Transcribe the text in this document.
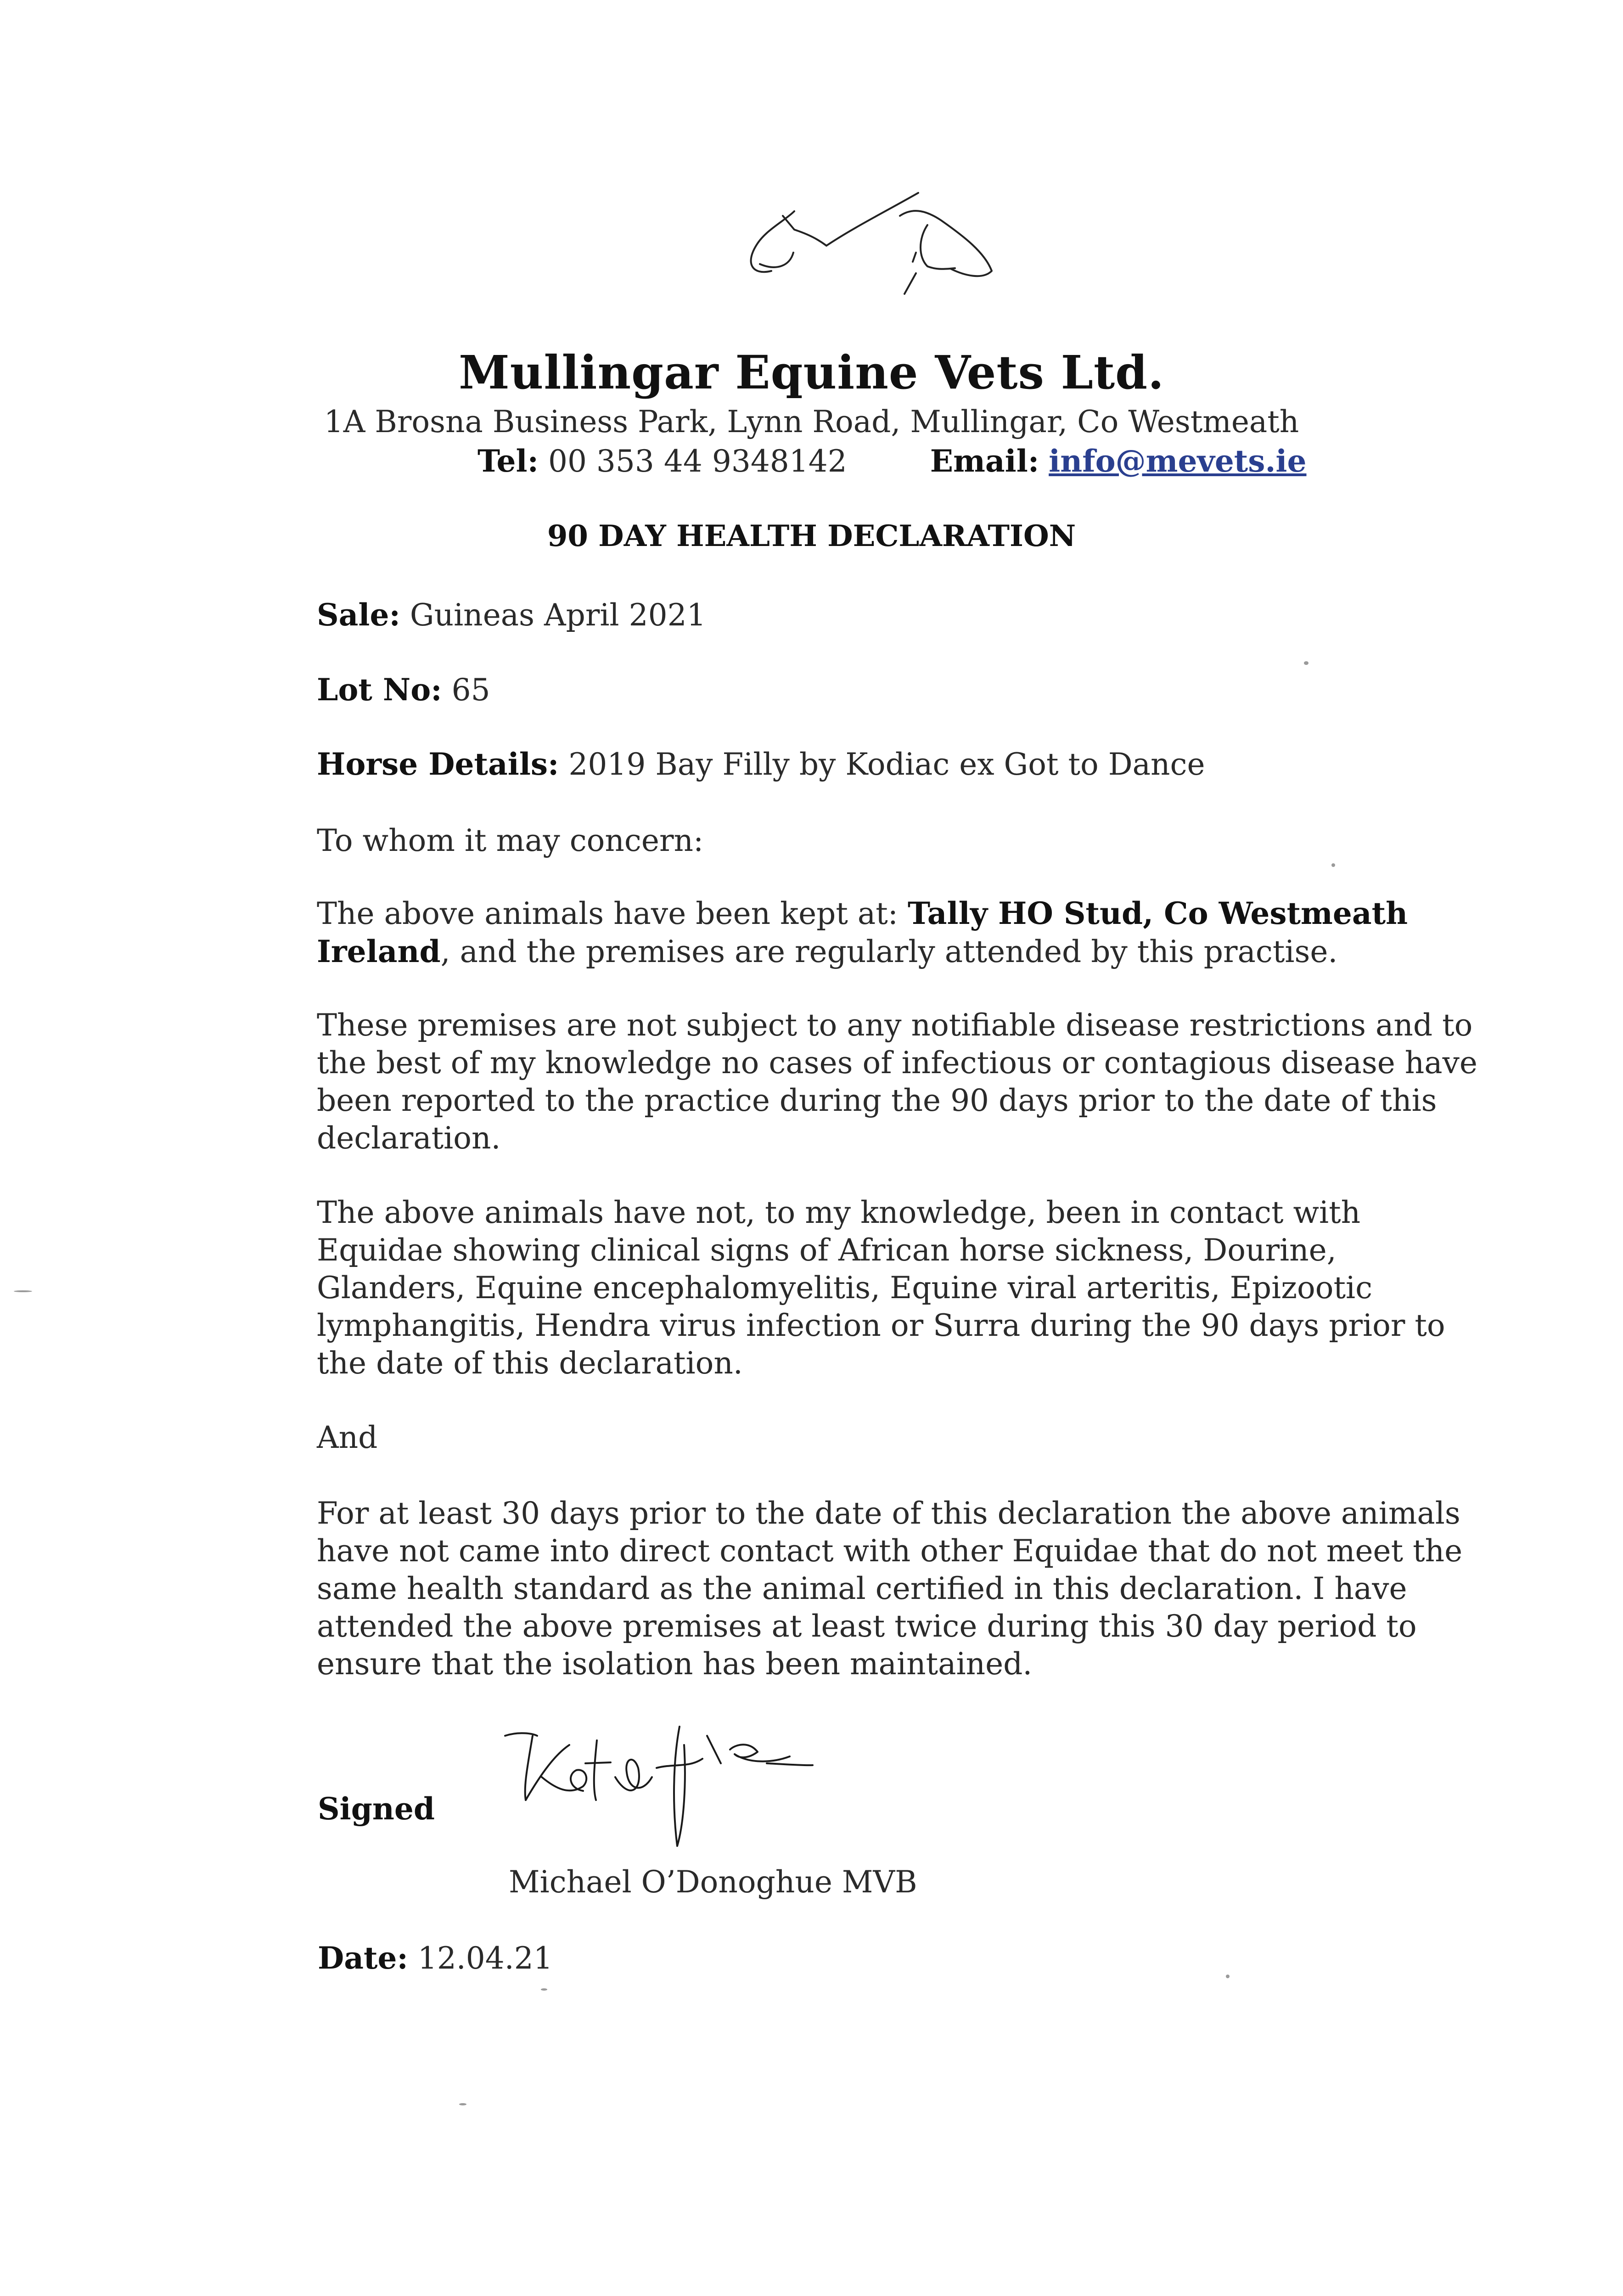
Mullingar Equine Vets Ltd.
1A Brosna Business Park, Lynn Road, Mullingar, Co Westmeath
Tel: 00 353 44 9348142	Email: info@mevets.ie
90 DAY HEALTH DECLARATION
Sale: Guineas April 2021
Lot No: 65
Horse Details: 2019 Bay Filly by Kodiac ex Got to Dance
To whom it may concern:
The above animals have been kept at: Tally HO Stud, Co Westmeath Ireland, and the premises are regularly attended by this practise.
These premises are not subject to any notifiable disease restrictions and to the best of my knowledge no cases of infectious or contagious disease have been reported to the practice during the 90 days prior to the date of this declaration.
The above animals have not, to my knowledge, been in contact with Equidae showing clinical signs of African horse sickness, Dourine, Glanders, Equine encephalomyelitis, Equine viral arteritis, Epizootic lymphangitis, Hendra virus infection or Surra during the 90 days prior to the date of this declaration.
And
For at least 30 days prior to the date of this declaration the above animals have not came into direct contact with other Equidae that do not meet the same health standard as the animal certified in this declaration. I have attended the above premises at least twice during this 30 day period to ensure that the isolation has been maintained.
Signed
Michael O’Donoghue MVB
Date: 12.04.21
